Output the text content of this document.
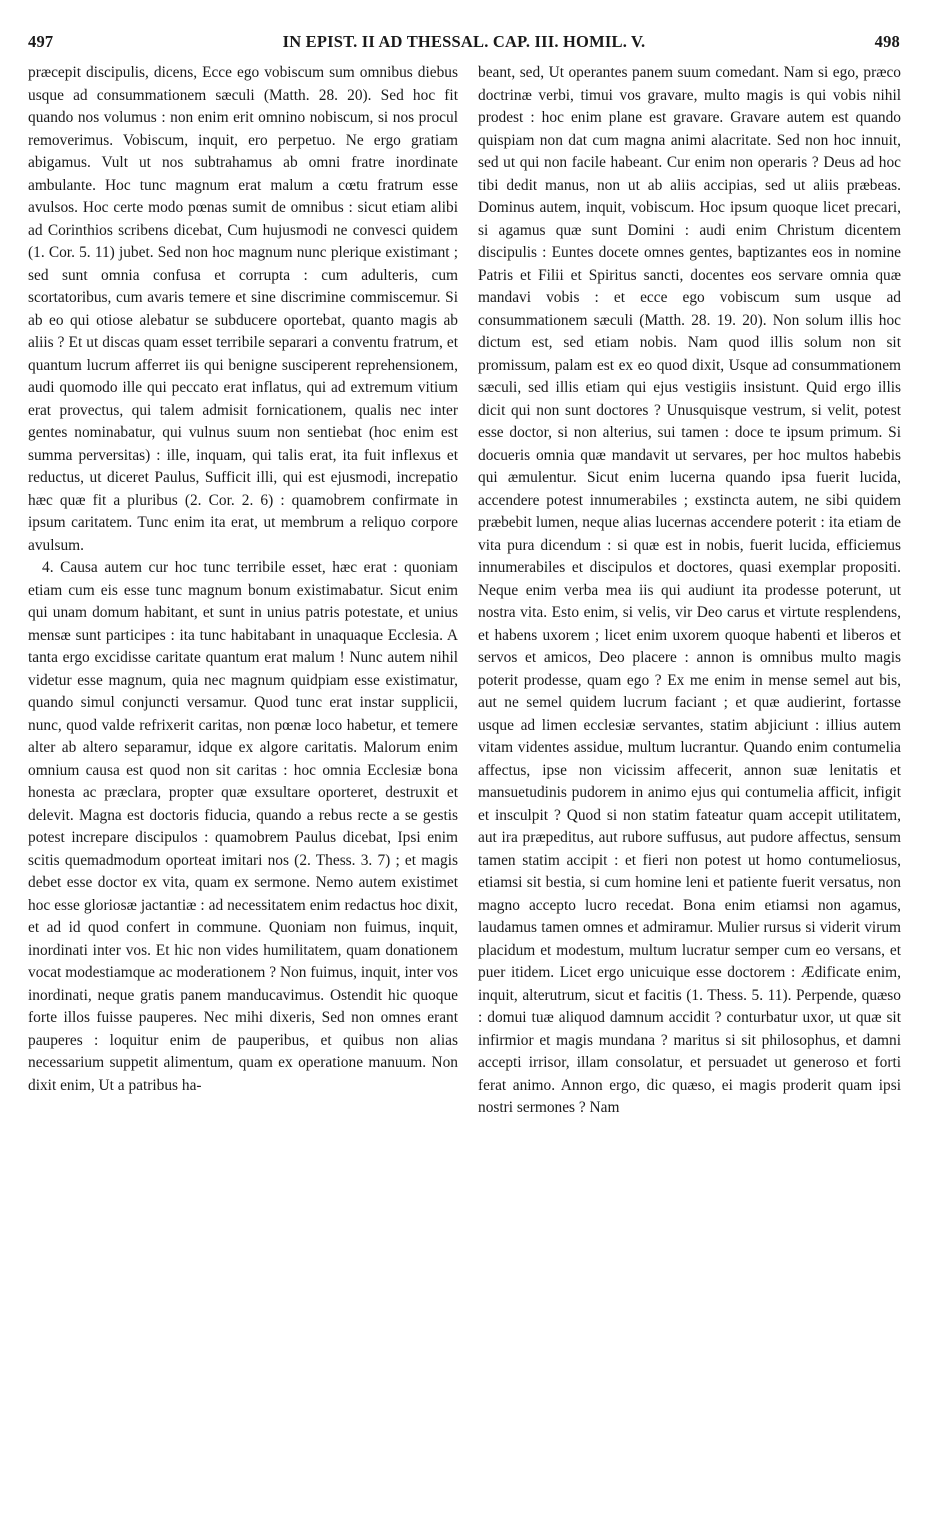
497	IN EPIST. II AD THESSAL. CAP. III. HOMIL. V.	498

præcepit discipulis, dicens, Ecce ego vobiscum sum omnibus diebus usque ad consummationem sæculi (Matth. 28. 20). Sed hoc fit quando nos volumus : non enim erit omnino nobiscum, si nos procul removerimus. Vobiscum, inquit, ero perpetuo. Ne ergo gratiam abigamus. Vult ut nos subtrahamus ab omni fratre inordinate ambulante. Hoc tunc magnum erat malum a cœtu fratrum esse avulsos. Hoc certe modo pœnas sumit de omnibus : sicut etiam alibi ad Corinthios scribens dicebat, Cum hujusmodi ne convesci quidem (1. Cor. 5. 11) jubet. Sed non hoc magnum nunc plerique existimant ; sed sunt omnia confusa et corrupta : cum adulteris, cum scortatoribus, cum avaris temere et sine discrimine commiscemur. Si ab eo qui otiose alebatur se subducere oportebat, quanto magis ab aliis ? Et ut discas quam esset terribile separari a conventu fratrum, et quantum lucrum afferret iis qui benigne susciperent reprehensionem, audi quomodo ille qui peccato erat inflatus, qui ad extremum vitium erat provectus, qui talem admisit fornicationem, qualis nec inter gentes nominabatur, qui vulnus suum non sentiebat (hoc enim est summa perversitas) : ille, inquam, qui talis erat, ita fuit inflexus et reductus, ut diceret Paulus, Sufficit illi, qui est ejusmodi, increpatio hæc quæ fit a pluribus (2. Cor. 2. 6) : quamobrem confirmate in ipsum caritatem. Tunc enim ita erat, ut membrum a reliquo corpore avulsum.

4. Causa autem cur hoc tunc terribile esset, hæc erat : quoniam etiam cum eis esse tunc magnum bonum existimabatur. Sicut enim qui unam domum habitant, et sunt in unius patris potestate, et unius mensæ sunt participes : ita tunc habitabant in unaquaque Ecclesia. A tanta ergo excidisse caritate quantum erat malum ! Nunc autem nihil videtur esse magnum, quia nec magnum quidpiam esse existimatur, quando simul conjuncti versamur. Quod tunc erat instar supplicii, nunc, quod valde refrixerit caritas, non pœnæ loco habetur, et temere alter ab altero separamur, idque ex algore caritatis. Malorum enim omnium causa est quod non sit caritas : hoc omnia Ecclesiæ bona honesta ac præclara, propter quæ exsultare oporteret, destruxit et delevit. Magna est doctoris fiducia, quando a rebus recte a se gestis potest increpare discipulos : quamobrem Paulus dicebat, Ipsi enim scitis quemadmodum oporteat imitari nos (2. Thess. 3. 7) ; et magis debet esse doctor ex vita, quam ex sermone. Nemo autem existimet hoc esse gloriosæ jactantiæ : ad necessitatem enim redactus hoc dixit, et ad id quod confert in commune. Quoniam non fuimus, inquit, inordinati inter vos. Et hic non vides humilitatem, quam donationem vocat modestiamque ac moderationem ? Non fuimus, inquit, inter vos inordinati, neque gratis panem manducavimus. Ostendit hic quoque forte illos fuisse pauperes. Nec mihi dixeris, Sed non omnes erant pauperes : loquitur enim de pauperibus, et quibus non alias necessarium suppetit alimentum, quam ex operatione manuum. Non dixit enim, Ut a patribus ha-

beant, sed, Ut operantes panem suum comedant. Nam si ego, præco doctrinæ verbi, timui vos gravare, multo magis is qui vobis nihil prodest : hoc enim plane est gravare. Gravare autem est quando quispiam non dat cum magna animi alacritate. Sed non hoc innuit, sed ut qui non facile habeant. Cur enim non operaris ? Deus ad hoc tibi dedit manus, non ut ab aliis accipias, sed ut aliis præbeas. Dominus autem, inquit, vobiscum. Hoc ipsum quoque licet precari, si agamus quæ sunt Domini : audi enim Christum dicentem discipulis : Euntes docete omnes gentes, baptizantes eos in nomine Patris et Filii et Spiritus sancti, docentes eos servare omnia quæ mandavi vobis : et ecce ego vobiscum sum usque ad consummationem sæculi (Matth. 28. 19. 20). Non solum illis hoc dictum est, sed etiam nobis. Nam quod illis solum non sit promissum, palam est ex eo quod dixit, Usque ad consummationem sæculi, sed illis etiam qui ejus vestigiis insistunt. Quid ergo illis dicit qui non sunt doctores ? Unusquisque vestrum, si velit, potest esse doctor, si non alterius, sui tamen : doce te ipsum primum. Si docueris omnia quæ mandavit ut servares, per hoc multos habebis qui æmulentur. Sicut enim lucerna quando ipsa fuerit lucida, accendere potest innumerabiles ; exstincta autem, ne sibi quidem præbebit lumen, neque alias lucernas accendere poterit : ita etiam de vita pura dicendum : si quæ est in nobis, fuerit lucida, efficiemus innumerabiles et discipulos et doctores, quasi exemplar propositi. Neque enim verba mea iis qui audiunt ita prodesse poterunt, ut nostra vita. Esto enim, si velis, vir Deo carus et virtute resplendens, et habens uxorem ; licet enim uxorem quoque habenti et liberos et servos et amicos, Deo placere : annon is omnibus multo magis poterit prodesse, quam ego ? Ex me enim in mense semel aut bis, aut ne semel quidem lucrum faciant ; et quæ audierint, fortasse usque ad limen ecclesiæ servantes, statim abjiciunt : illius autem vitam videntes assidue, multum lucrantur. Quando enim contumelia affectus, ipse non vicissim affecerit, annon suæ lenitatis et mansuetudinis pudorem in animo ejus qui contumelia afficit, infigit et insculpit ? Quod si non statim fateatur quam accepit utilitatem, aut ira præpeditus, aut rubore suffusus, aut pudore affectus, sensum tamen statim accipit : et fieri non potest ut homo contumeliosus, etiamsi sit bestia, si cum homine leni et patiente fuerit versatus, non magno accepto lucro recedat. Bona enim etiamsi non agamus, laudamus tamen omnes et admiramur. Mulier rursus si viderit virum placidum et modestum, multum lucratur semper cum eo versans, et puer itidem. Licet ergo unicuique esse doctorem : Ædificate enim, inquit, alterutrum, sicut et facitis (1. Thess. 5. 11). Perpende, quæso : domui tuæ aliquod damnum accidit ? conturbatur uxor, ut quæ sit infirmior et magis mundana ? maritus si sit philosophus, et damni accepti irrisor, illam consolatur, et persuadet ut generoso et forti ferat animo. Annon ergo, dic quæso, ei magis proderit quam ipsi nostri sermones ? Nam
